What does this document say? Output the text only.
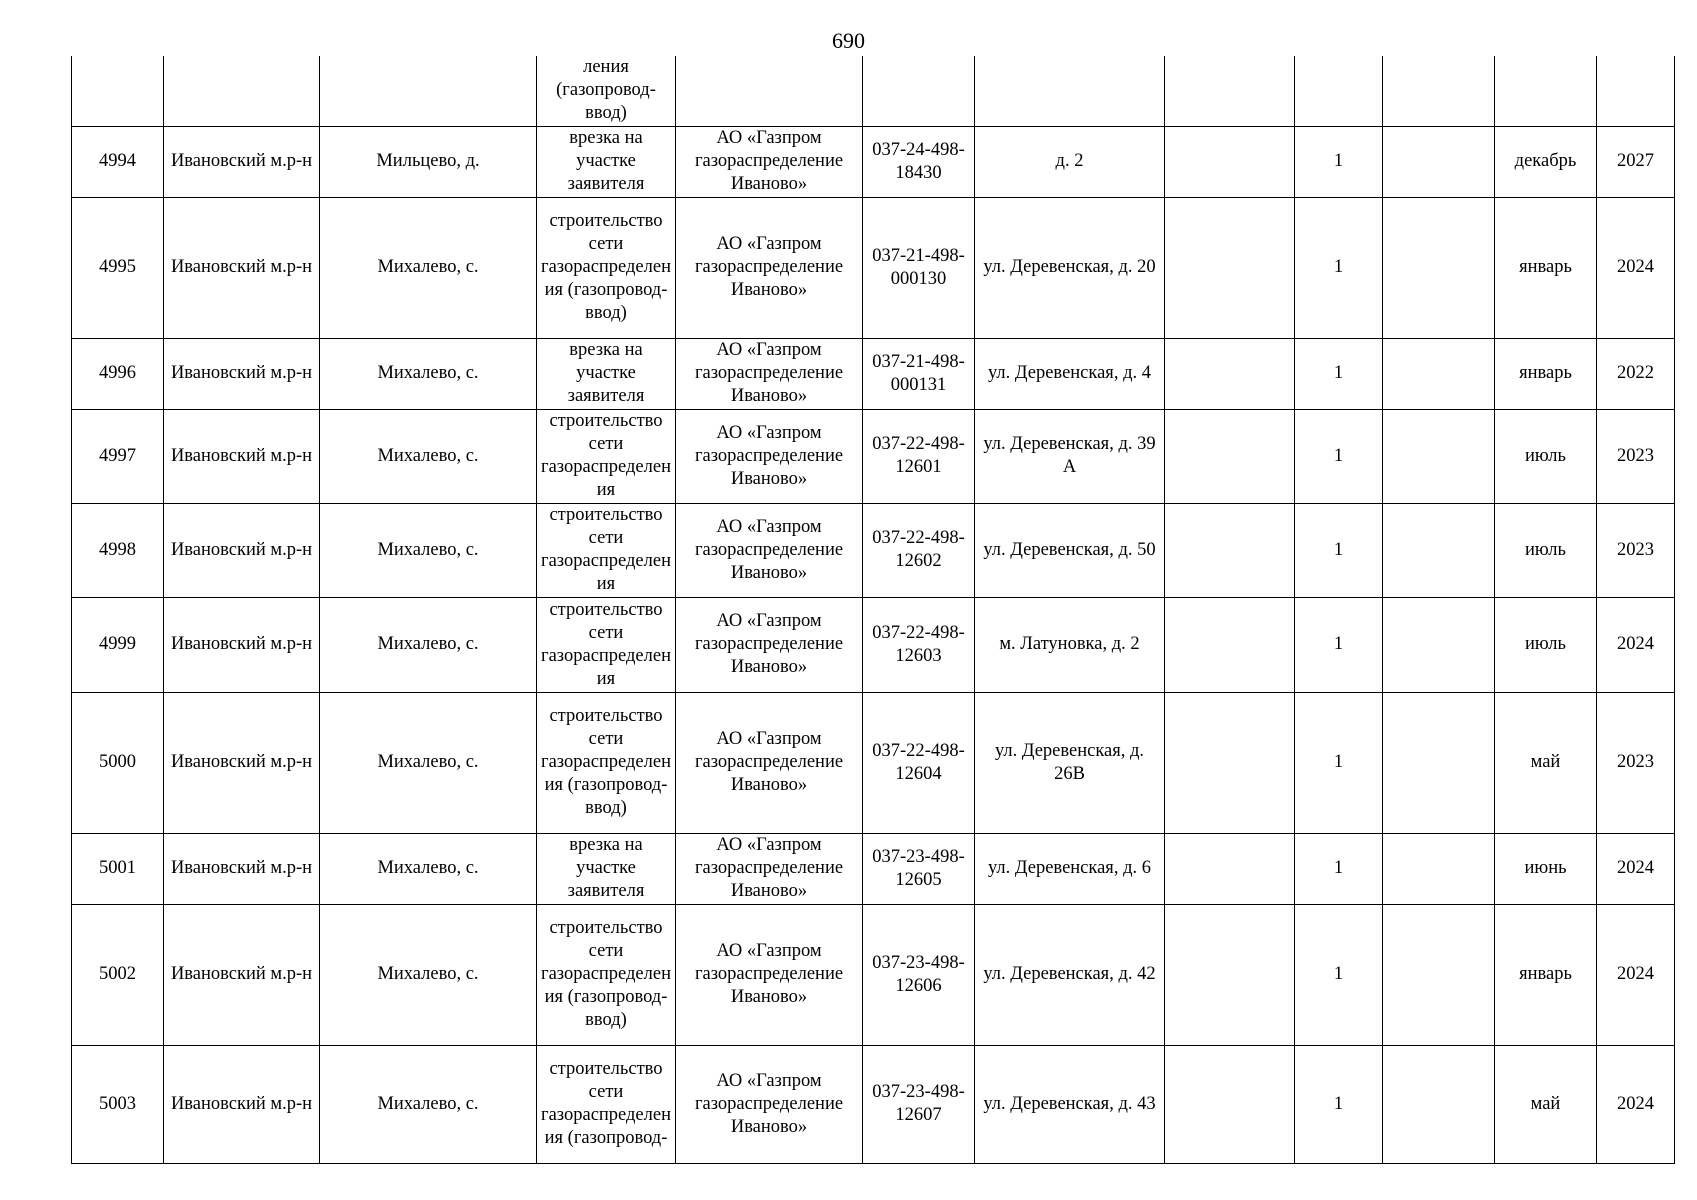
690
			ления
(газопровод-
ввод)								
4994	Ивановский м.р-н	Мильцево, д.	врезка на участке заявителя	АО «Газпром газораспределение Иваново»	037-24-498-18430	д. 2		1		декабрь	2027
4995	Ивановский м.р-н	Михалево, с.	строительство сети газораспределения (газопровод-ввод)	АО «Газпром газораспределение Иваново»	037-21-498-000130	ул. Деревенская, д. 20		1		январь	2024
4996	Ивановский м.р-н	Михалево, с.	врезка на участке заявителя	АО «Газпром газораспределение Иваново»	037-21-498-000131	ул. Деревенская, д. 4		1		январь	2022
4997	Ивановский м.р-н	Михалево, с.	строительство сети газораспределения	АО «Газпром газораспределение Иваново»	037-22-498-12601	ул. Деревенская, д. 39 А		1		июль	2023
4998	Ивановский м.р-н	Михалево, с.	строительство сети газораспределения	АО «Газпром газораспределение Иваново»	037-22-498-12602	ул. Деревенская, д. 50		1		июль	2023
4999	Ивановский м.р-н	Михалево, с.	строительство сети газораспределения	АО «Газпром газораспределение Иваново»	037-22-498-12603	м. Латуновка, д. 2		1		июль	2024
5000	Ивановский м.р-н	Михалево, с.	строительство сети газораспределения (газопровод-ввод)	АО «Газпром газораспределение Иваново»	037-22-498-12604	ул. Деревенская, д. 26В		1		май	2023
5001	Ивановский м.р-н	Михалево, с.	врезка на участке заявителя	АО «Газпром газораспределение Иваново»	037-23-498-12605	ул. Деревенская, д. 6		1		июнь	2024
5002	Ивановский м.р-н	Михалево, с.	строительство сети газораспределения (газопровод-ввод)	АО «Газпром газораспределение Иваново»	037-23-498-12606	ул. Деревенская, д. 42		1		январь	2024
5003	Ивановский м.р-н	Михалево, с.	строительство сети газораспределения (газопровод-	АО «Газпром газораспределение Иваново»	037-23-498-12607	ул. Деревенская, д. 43		1		май	2024
